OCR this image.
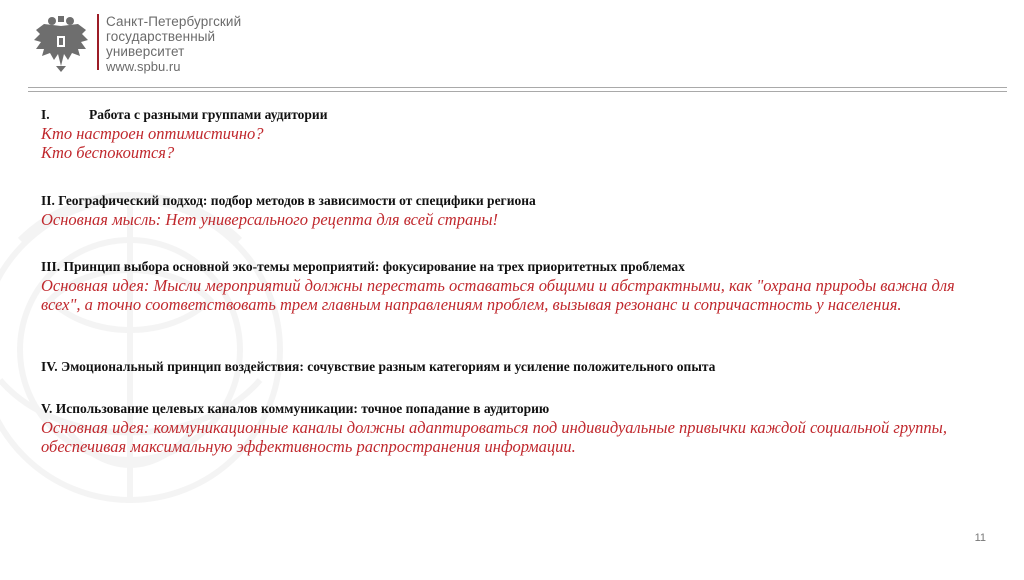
Санкт-Петербургский
государственный
университет
www.spbu.ru
I.	Работа с разными группами аудитории
Кто настроен оптимистично?
Кто беспокоится?
II. Географический подход: подбор методов в зависимости от специфики региона
Основная мысль: Нет универсального рецепта для всей страны!
III. Принцип выбора основной эко-темы мероприятий: фокусирование на трех приоритетных проблемах
Основная идея: Мысли мероприятий должны перестать оставаться общими и абстрактными, как "охрана природы важна для всех", а точно соответствовать трем главным направлениям проблем, вызывая резонанс и сопричастность у населения.
IV. Эмоциональный принцип воздействия: сочувствие разным категориям и усиление положительного опыта
V. Использование целевых каналов коммуникации: точное попадание в аудиторию
Основная идея: коммуникационные каналы должны адаптироваться под индивидуальные привычки каждой социальной группы, обеспечивая максимальную эффективность распространения информации.
11
